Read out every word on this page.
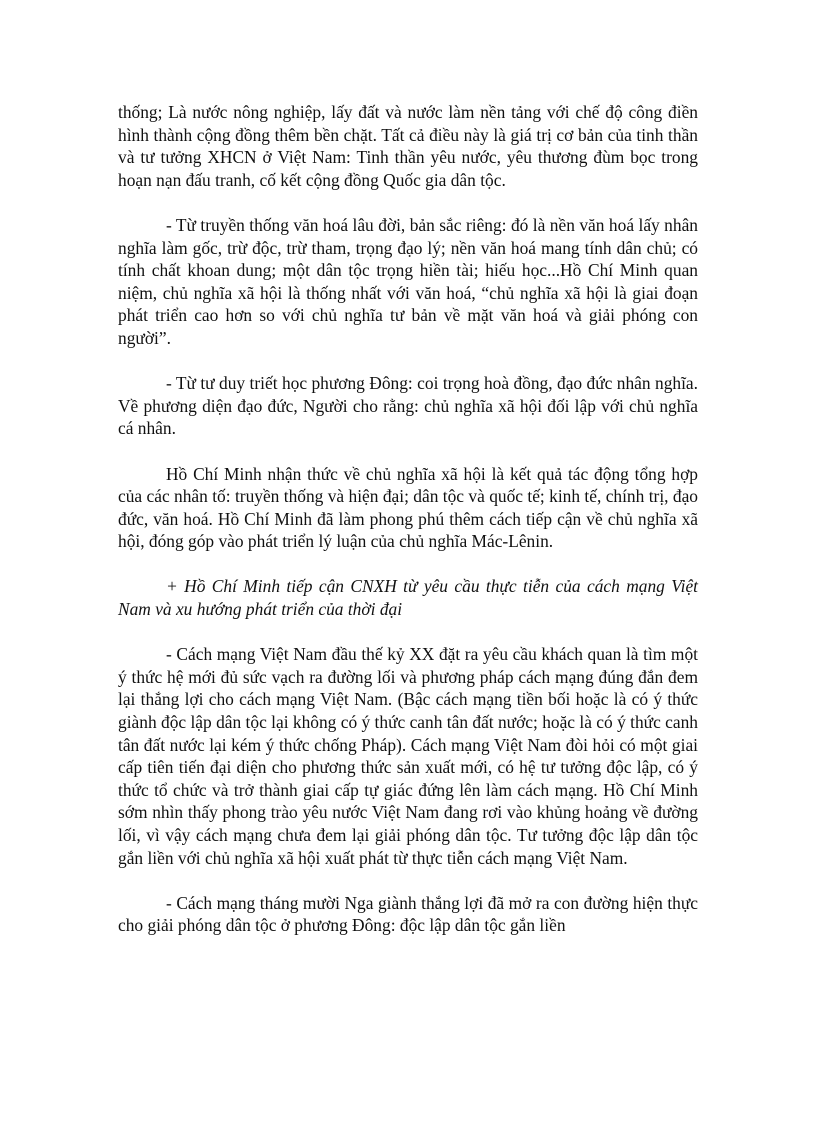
thống; Là nước nông nghiệp, lấy đất và nước làm nền tảng với chế độ công điền hình thành cộng đồng thêm bền chặt. Tất cả điều này là giá trị cơ bản của tinh thần và tư tưởng XHCN ở Việt Nam: Tinh thần yêu nước, yêu thương đùm bọc trong hoạn nạn đấu tranh, cố kết cộng đồng Quốc gia dân tộc.

- Từ truyền thống văn hoá lâu đời, bản sắc riêng: đó là nền văn hoá lấy nhân nghĩa làm gốc, trừ độc, trừ tham, trọng đạo lý; nền văn hoá mang tính dân chủ; có tính chất khoan dung; một dân tộc trọng hiền tài; hiếu học...Hồ Chí Minh quan niệm, chủ nghĩa xã hội là thống nhất với văn hoá, “chủ nghĩa xã hội là giai đoạn phát triển cao hơn so với chủ nghĩa tư bản về mặt văn hoá và giải phóng con người”.

- Từ tư duy triết học phương Đông: coi trọng hoà đồng, đạo đức nhân nghĩa. Về phương diện đạo đức, Người cho rằng: chủ nghĩa xã hội đối lập với chủ nghĩa cá nhân.

Hồ Chí Minh nhận thức về chủ nghĩa xã hội là kết quả tác động tổng hợp của các nhân tố: truyền thống và hiện đại; dân tộc và quốc tế; kinh tế, chính trị, đạo đức, văn hoá. Hồ Chí Minh đã làm phong phú thêm cách tiếp cận về chủ nghĩa xã hội, đóng góp vào phát triển lý luận của chủ nghĩa Mác-Lênin.

+ Hồ Chí Minh tiếp cận CNXH từ yêu cầu thực tiễn của cách mạng Việt Nam và xu hướng phát triển của thời đại

- Cách mạng Việt Nam đầu thế kỷ XX đặt ra yêu cầu khách quan là tìm một ý thức hệ mới đủ sức vạch ra đường lối và phương pháp cách mạng đúng đắn đem lại thắng lợi cho cách mạng Việt Nam. (Bậc cách mạng tiền bối hoặc là có ý thức giành độc lập dân tộc lại không có ý thức canh tân đất nước; hoặc là có ý thức canh tân đất nước lại kém ý thức chống Pháp). Cách mạng Việt Nam đòi hỏi có một giai cấp tiên tiến đại diện cho phương thức sản xuất mới, có hệ tư tưởng độc lập, có ý thức tổ chức và trở thành giai cấp tự giác đứng lên làm cách mạng. Hồ Chí Minh sớm nhìn thấy phong trào yêu nước Việt Nam đang rơi vào khủng hoảng về đường lối, vì vậy cách mạng chưa đem lại giải phóng dân tộc. Tư tưởng độc lập dân tộc gắn liền với chủ nghĩa xã hội xuất phát từ thực tiễn cách mạng Việt Nam.

- Cách mạng tháng mười Nga giành thắng lợi đã mở ra con đường hiện thực cho giải phóng dân tộc ở phương Đông: độc lập dân tộc gắn liền
